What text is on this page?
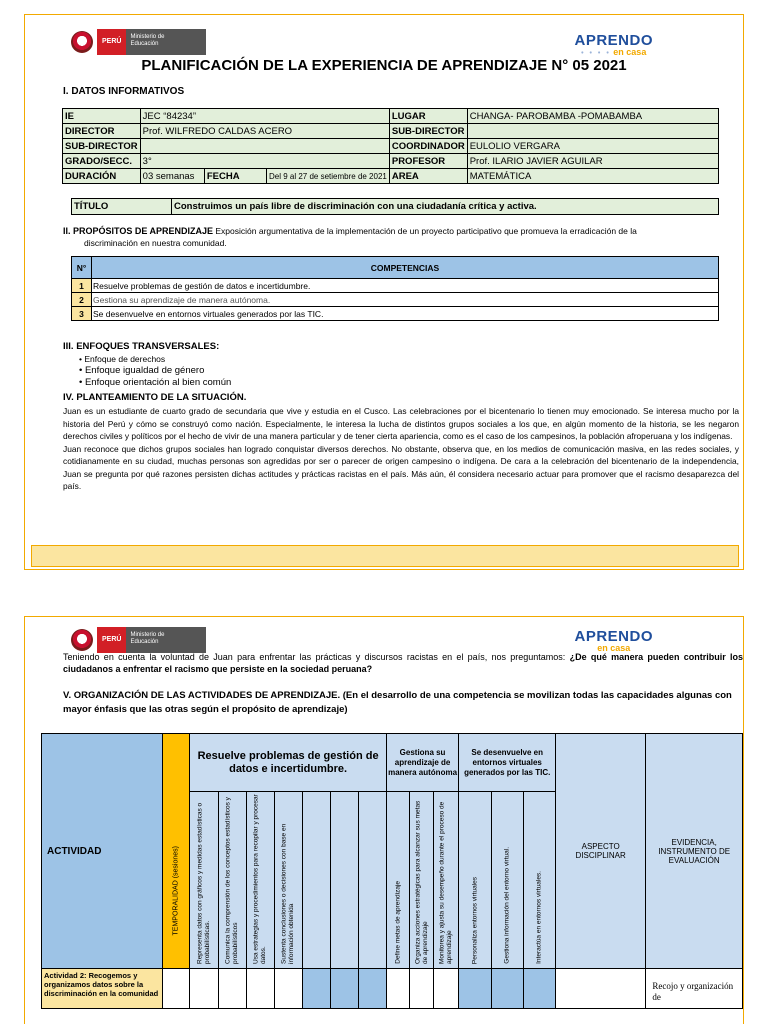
PERÚ
Ministerio de Educación	APRENDO
• • • • en casa
PLANIFICACIÓN DE LA EXPERIENCIA DE APRENDIZAJE N° 05 2021
I. DATOS INFORMATIVOS
IE	JEC “84234”			LUGAR	CHANGA- PAROBAMBA -POMABAMBA
DIRECTOR	Prof. WILFREDO CALDAS ACERO			SUB-DIRECTOR	
SUB-DIRECTOR				COORDINADOR	EULOLIO VERGARA
GRADO/SECC.	3°			PROFESOR	Prof. ILARIO JAVIER AGUILAR
DURACIÓN	03 semanas	FECHA	Del 9 al 27 de setiembre de 2021	AREA	MATEMÁTICA
TÍTULO	Construimos un país libre de discriminación con una ciudadanía crítica y activa.
II. PROPÓSITOS DE APRENDIZAJE Exposición argumentativa de la implementación de un proyecto participativo que promueva la erradicación de la
discriminación en nuestra comunidad.
N°	COMPETENCIAS
1	Resuelve problemas de gestión de datos e incertidumbre.
2	Gestiona su aprendizaje de manera autónoma.
3	Se desenvuelve en entornos virtuales generados por las TIC.
III. ENFOQUES TRANSVERSALES:
• Enfoque de derechos
• Enfoque igualdad de género
• Enfoque orientación al bien común
IV. PLANTEAMIENTO DE LA SITUACIÓN.

Juan es un estudiante de cuarto grado de secundaria que vive y estudia en el Cusco. Las celebraciones por el bicentenario lo tienen muy emocionado. Se interesa mucho por la historia del Perú y cómo se construyó como nación. Especialmente, le interesa la lucha de distintos grupos sociales a los que, en algún momento de la historia, se les negaron derechos civiles y políticos por el hecho de vivir de una manera particular y de tener cierta apariencia, como es el caso de los campesinos, la población afroperuana y los indígenas.

Juan reconoce que dichos grupos sociales han logrado conquistar diversos derechos. No obstante, observa que, en los medios de comunicación masiva, en las redes sociales, y cotidianamente en su ciudad, muchas personas son agredidas por ser o parecer de origen campesino o indígena. De cara a la celebración del bicentenario de la independencia, Juan se pregunta por qué razones persisten dichas actitudes y prácticas racistas en el país. Más aún, él considera necesario actuar para promover que el racismo desaparezca del país.

PERÚ
Ministerio de Educación	APRENDO
en casa
Teniendo en cuenta la voluntad de Juan para enfrentar las prácticas y discursos racistas en el país, nos preguntamos: ¿De qué manera pueden contribuir los ciudadanos a enfrentar el racismo que persiste en la sociedad peruana?
V. ORGANIZACIÓN DE LAS ACTIVIDADES DE APRENDIZAJE. (En el desarrollo de una competencia se movilizan todas las capacidades algunas con mayor énfasis que las otras según el propósito de aprendizaje)
ACTIVIDAD	TEMPORALIDAD (sesiones)	Resuelve problemas de gestión de datos e incertidumbre.							Gestiona su aprendizaje de manera autónoma			Se desenvuelve en entornos virtuales generados por las TIC.			ASPECTO DISCIPLINAR	EVIDENCIA, INSTRUMENTO DE EVALUACIÓN

		Representa datos con gráficos y medidas estadísticas o probabilísticas.	Comunica la comprensión de los conceptos estadísticos y probabilísticos	Usa estrategias y procedimientos para recopilar y procesar datos.	Sustenta conclusiones o decisiones con base en información obtenida				Define metas de aprendizaje	Organiza acciones estratégicas para alcanzar sus metas de aprendizaje	Monitorea y ajusta su desempeño durante el proceso de aprendizaje	Personaliza entornos virtuales	Gestiona información del entorno virtual.	Interactúa en entornos virtuales.		

Actividad 2: Recogemos y organizamos datos sobre la discriminación en la comunidad																Recojo y organización de
